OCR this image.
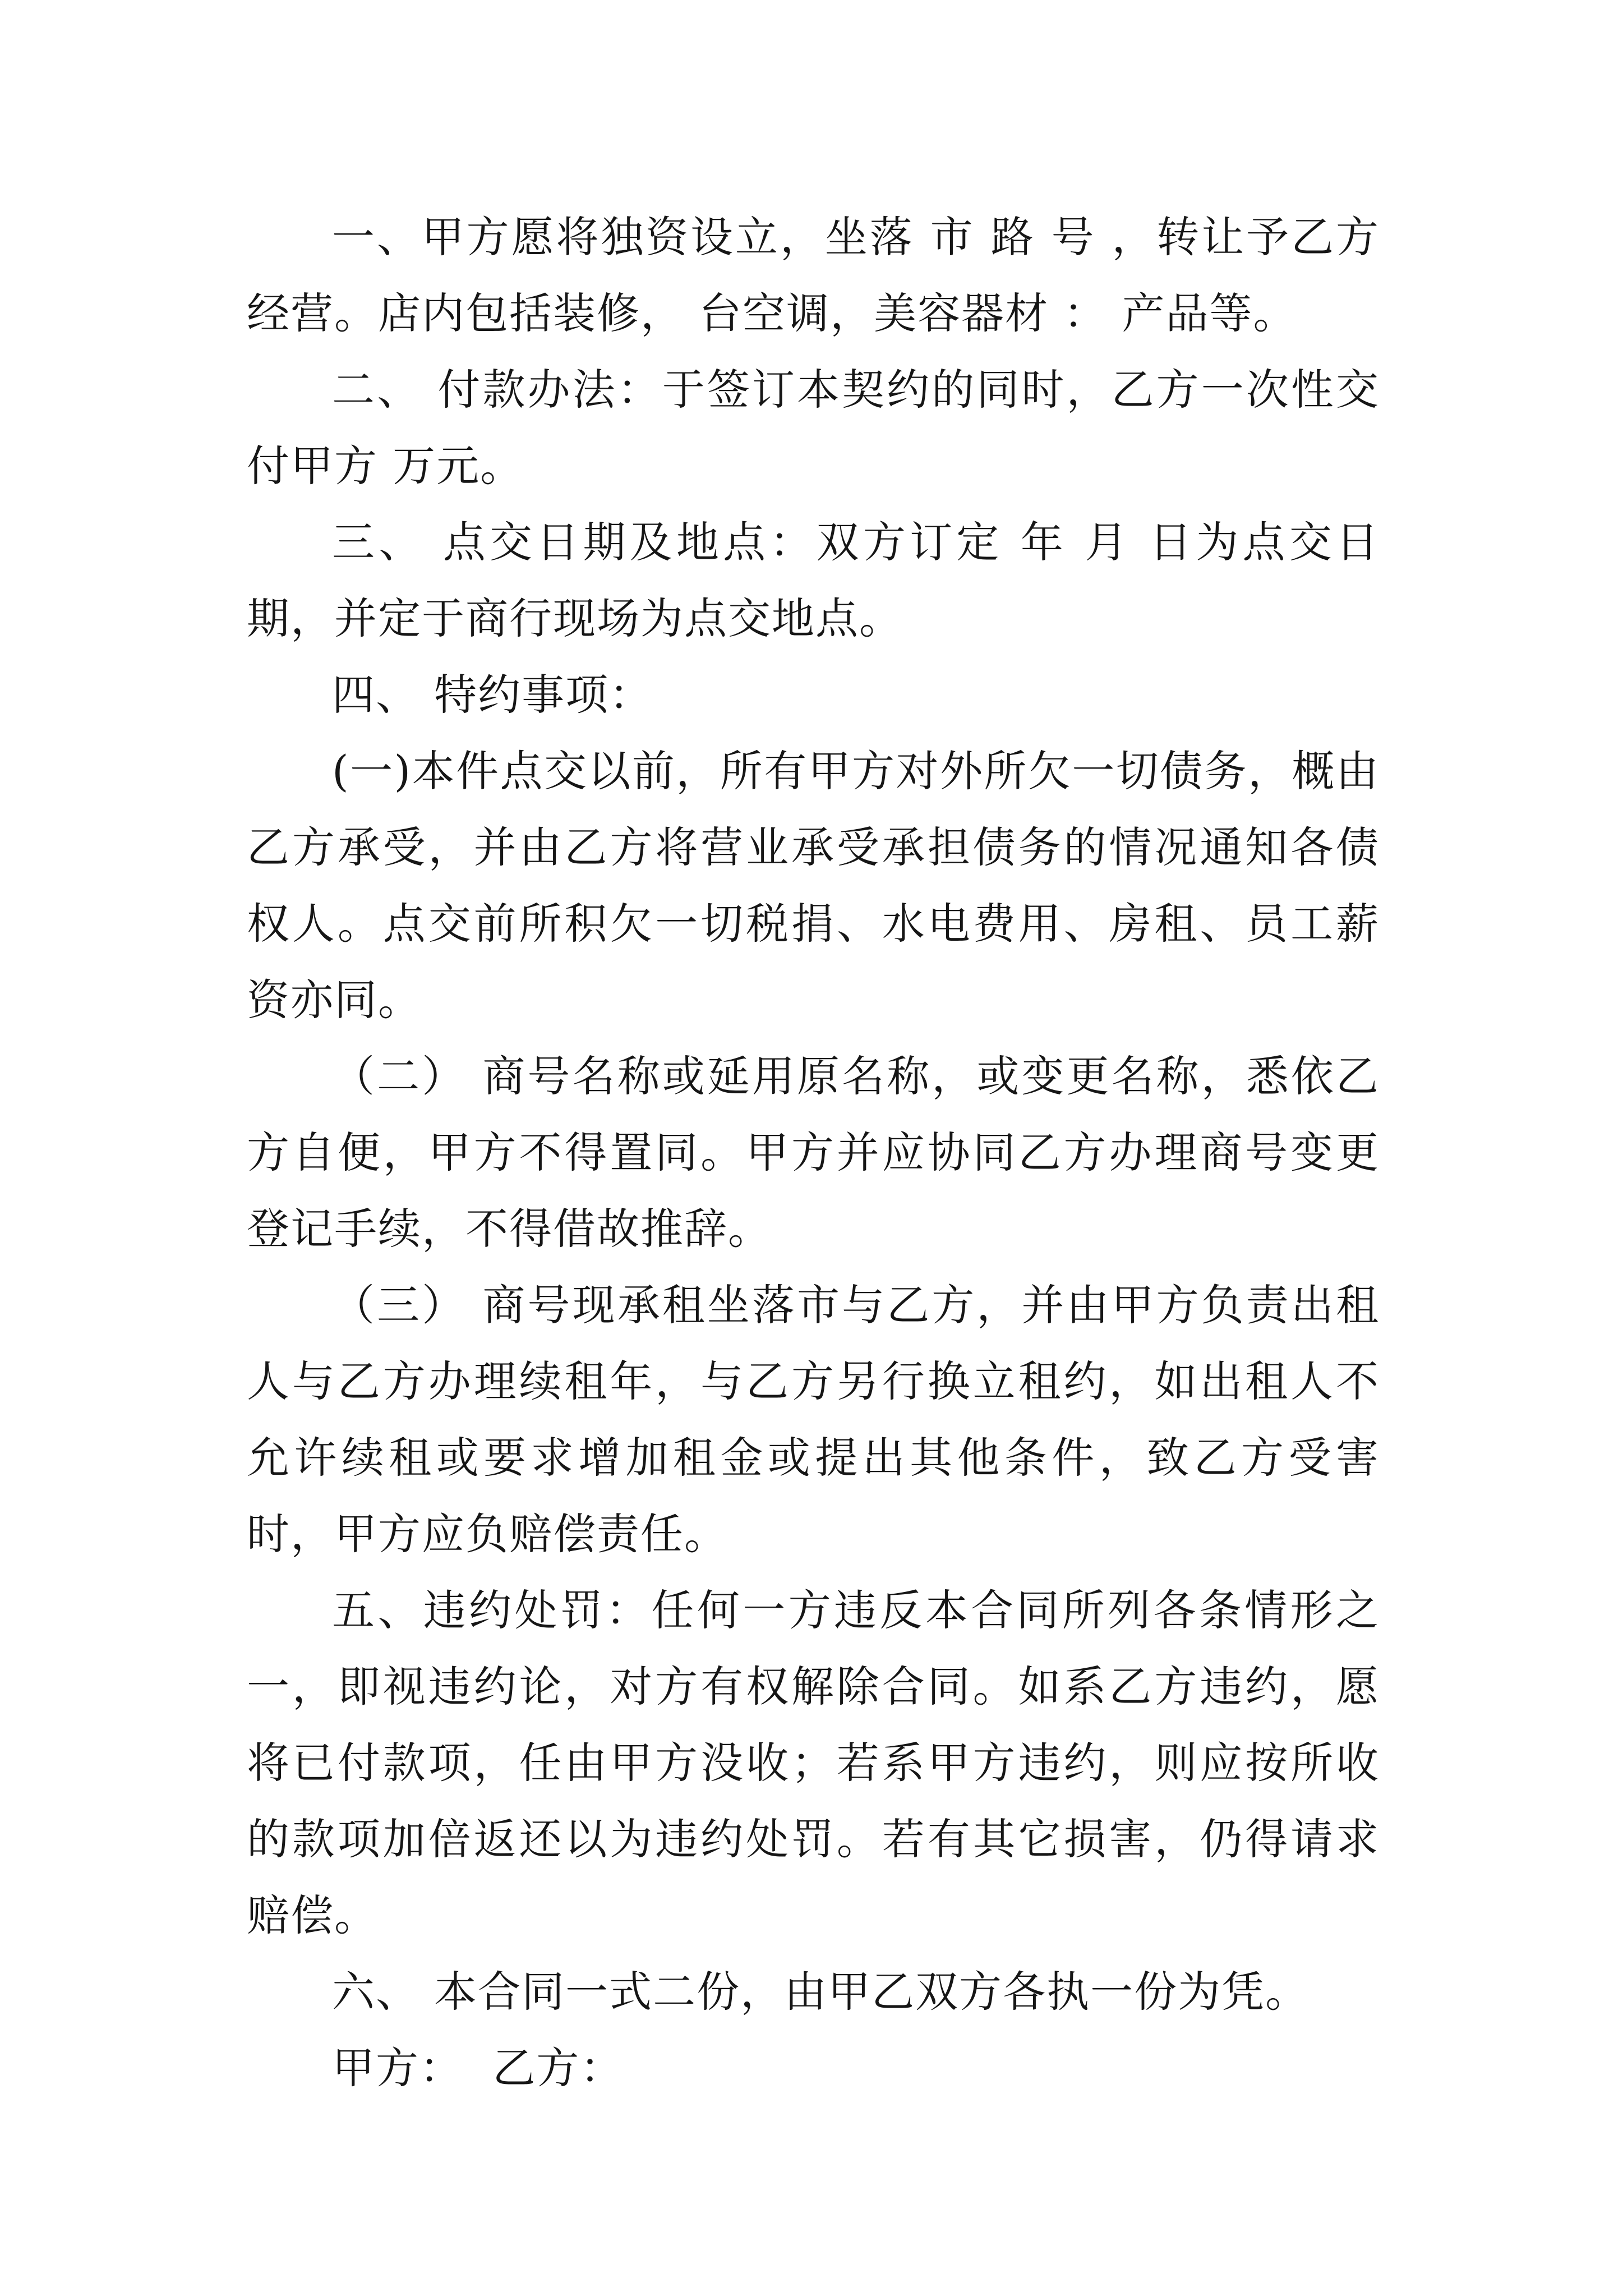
一、甲方愿将独资设立，坐落 市 路 号 ，转让予乙方经营。店内包括装修， 台空调，美容器材 ： 产品等。

二、 付款办法：于签订本契约的同时，乙方一次性交付甲方 万元。

三、 点交日期及地点：双方订定 年 月 日为点交日期，并定于商行现场为点交地点。

四、 特约事项：

(一)本件点交以前，所有甲方对外所欠一切债务，概由乙方承受，并由乙方将营业承受承担债务的情况通知各债权人。点交前所积欠一切税捐、水电费用、房租、员工薪资亦同。

（二） 商号名称或延用原名称，或变更名称，悉依乙方自便，甲方不得置同。甲方并应协同乙方办理商号变更登记手续，不得借故推辞。

（三） 商号现承租坐落市与乙方，并由甲方负责出租人与乙方办理续租年，与乙方另行换立租约，如出租人不允许续租或要求增加租金或提出其他条件，致乙方受害时，甲方应负赔偿责任。

五、违约处罚：任何一方违反本合同所列各条情形之一，即视违约论，对方有权解除合同。如系乙方违约，愿将已付款项，任由甲方没收；若系甲方违约，则应按所收的款项加倍返还以为违约处罚。若有其它损害，仍得请求赔偿。

六、 本合同一式二份，由甲乙双方各执一份为凭。

甲方：  乙方：
